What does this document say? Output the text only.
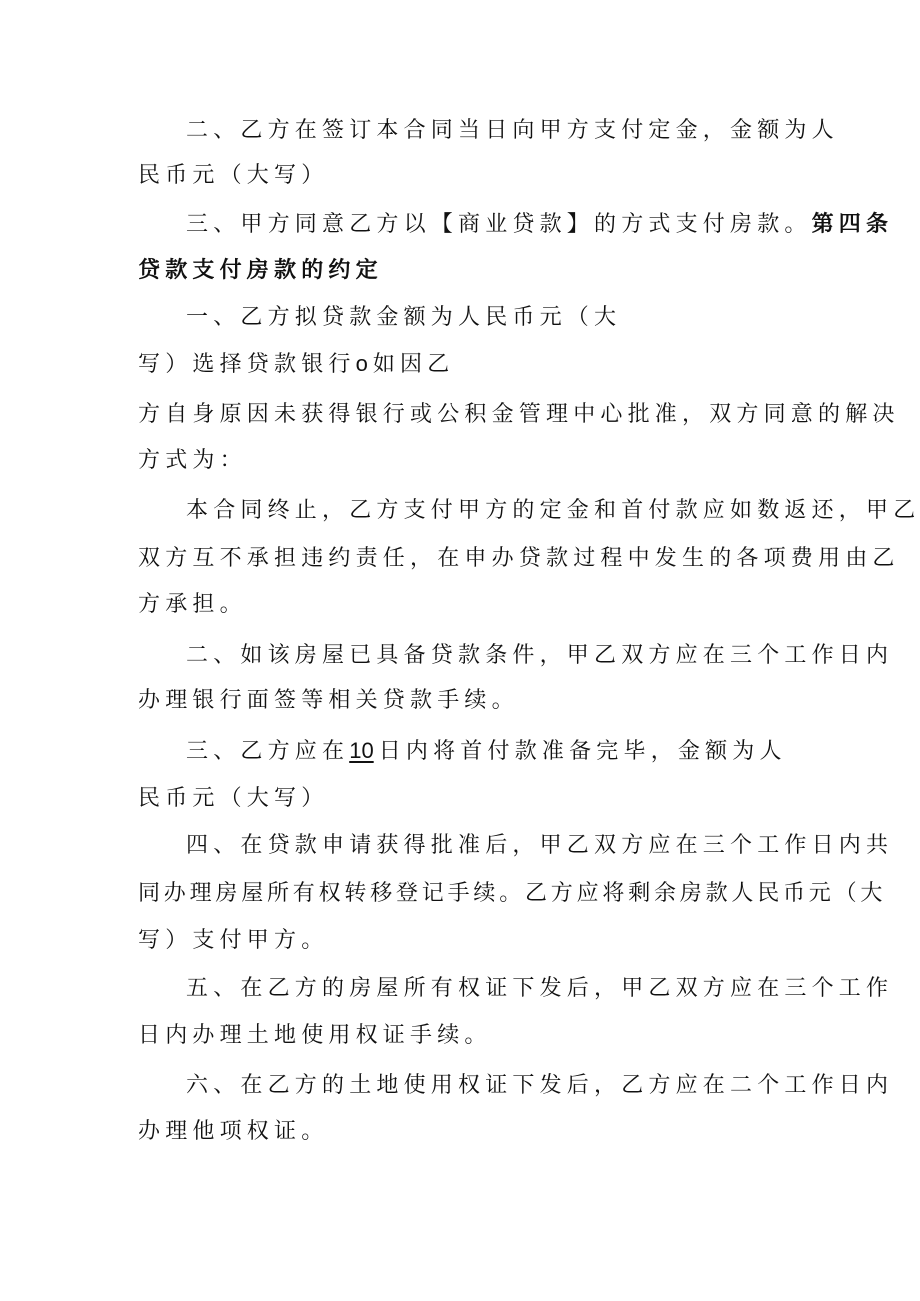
二、乙方在签订本合同当日向甲方支付定金，金额为人
民币元（大写）
三、甲方同意乙方以【商业贷款】的方式支付房款。第四条
贷款支付房款的约定
一、乙方拟贷款金额为人民币元（大
写）选择贷款银行o 如因乙
方自身原因未获得银行或公积金管理中心批准，双方同意的解决
方式为：
本合同终止，乙方支付甲方的定金和首付款应如数返还，甲乙
双方互不承担违约责任，在申办贷款过程中发生的各项费用由乙
方承担。
二、如该房屋已具备贷款条件，甲乙双方应在三个工作日内
办理银行面签等相关贷款手续。
三、乙方应在10 日内将首付款准备完毕，金额为人
民币元（大写）
四、在贷款申请获得批准后，甲乙双方应在三个工作日内共
同办理房屋所有权转移登记手续。乙方应将剩余房款人民币元（大
写）支付甲方。
五、在乙方的房屋所有权证下发后，甲乙双方应在三个工作
日内办理土地使用权证手续。
六、在乙方的土地使用权证下发后，乙方应在二个工作日内
办理他项权证。
